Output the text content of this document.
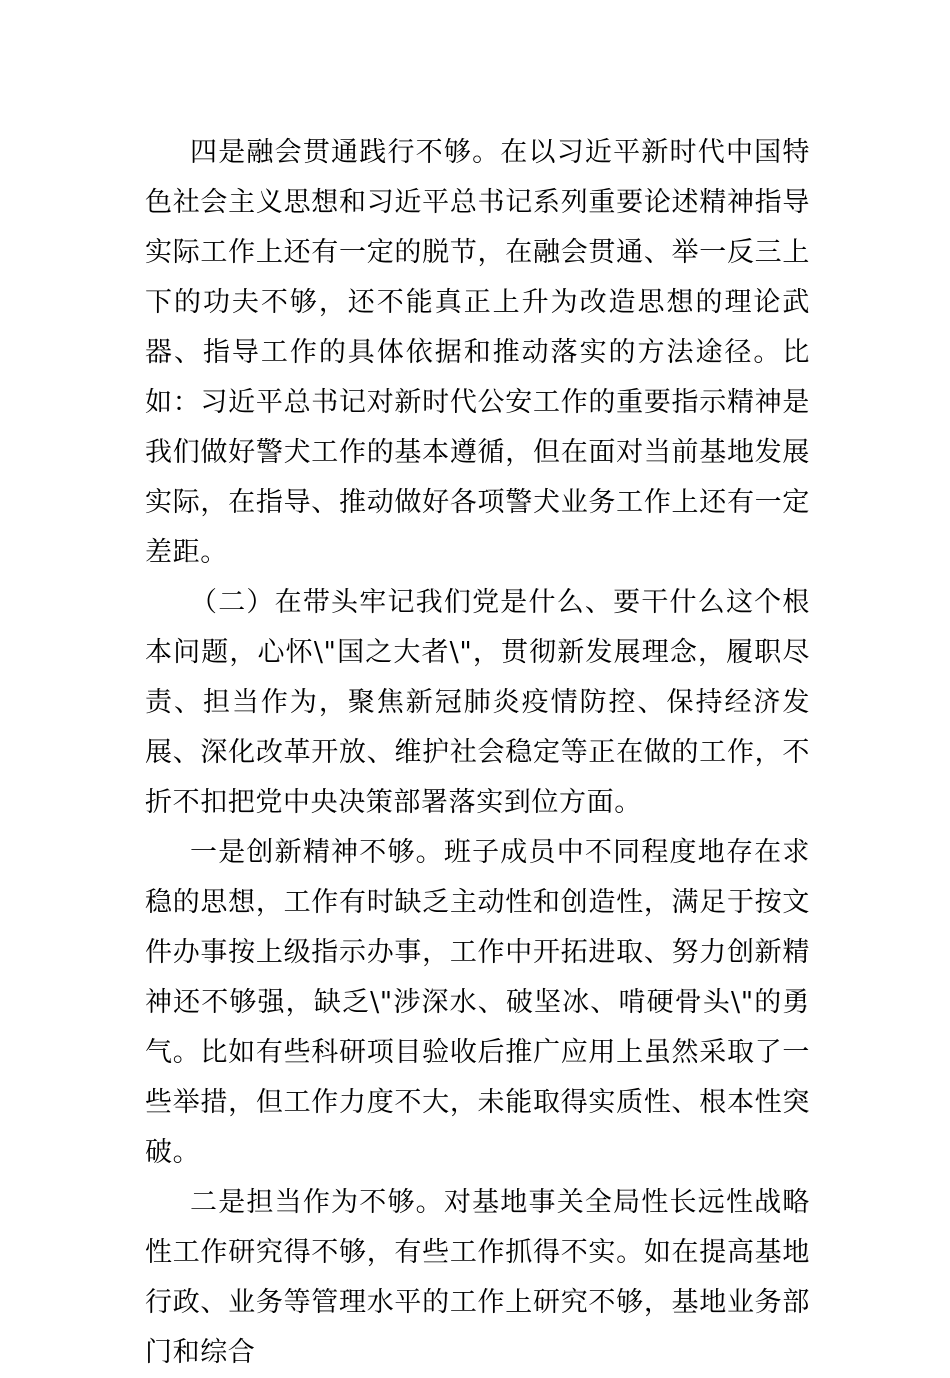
四是融会贯通践行不够。在以习近平新时代中国特色社会主义思想和习近平总书记系列重要论述精神指导实际工作上还有一定的脱节，在融会贯通、举一反三上下的功夫不够，还不能真正上升为改造思想的理论武器、指导工作的具体依据和推动落实的方法途径。比如：习近平总书记对新时代公安工作的重要指示精神是我们做好警犬工作的基本遵循，但在面对当前基地发展实际，在指导、推动做好各项警犬业务工作上还有一定差距。

（二）在带头牢记我们党是什么、要干什么这个根本问题，心怀\"国之大者\"，贯彻新发展理念，履职尽责、担当作为，聚焦新冠肺炎疫情防控、保持经济发展、深化改革开放、维护社会稳定等正在做的工作，不折不扣把党中央决策部署落实到位方面。

一是创新精神不够。班子成员中不同程度地存在求稳的思想，工作有时缺乏主动性和创造性，满足于按文件办事按上级指示办事，工作中开拓进取、努力创新精神还不够强，缺乏\"涉深水、破坚冰、啃硬骨头\"的勇气。比如有些科研项目验收后推广应用上虽然采取了一些举措，但工作力度不大，未能取得实质性、根本性突破。

二是担当作为不够。对基地事关全局性长远性战略性工作研究得不够，有些工作抓得不实。如在提高基地行政、业务等管理水平的工作上研究不够，基地业务部门和综合
